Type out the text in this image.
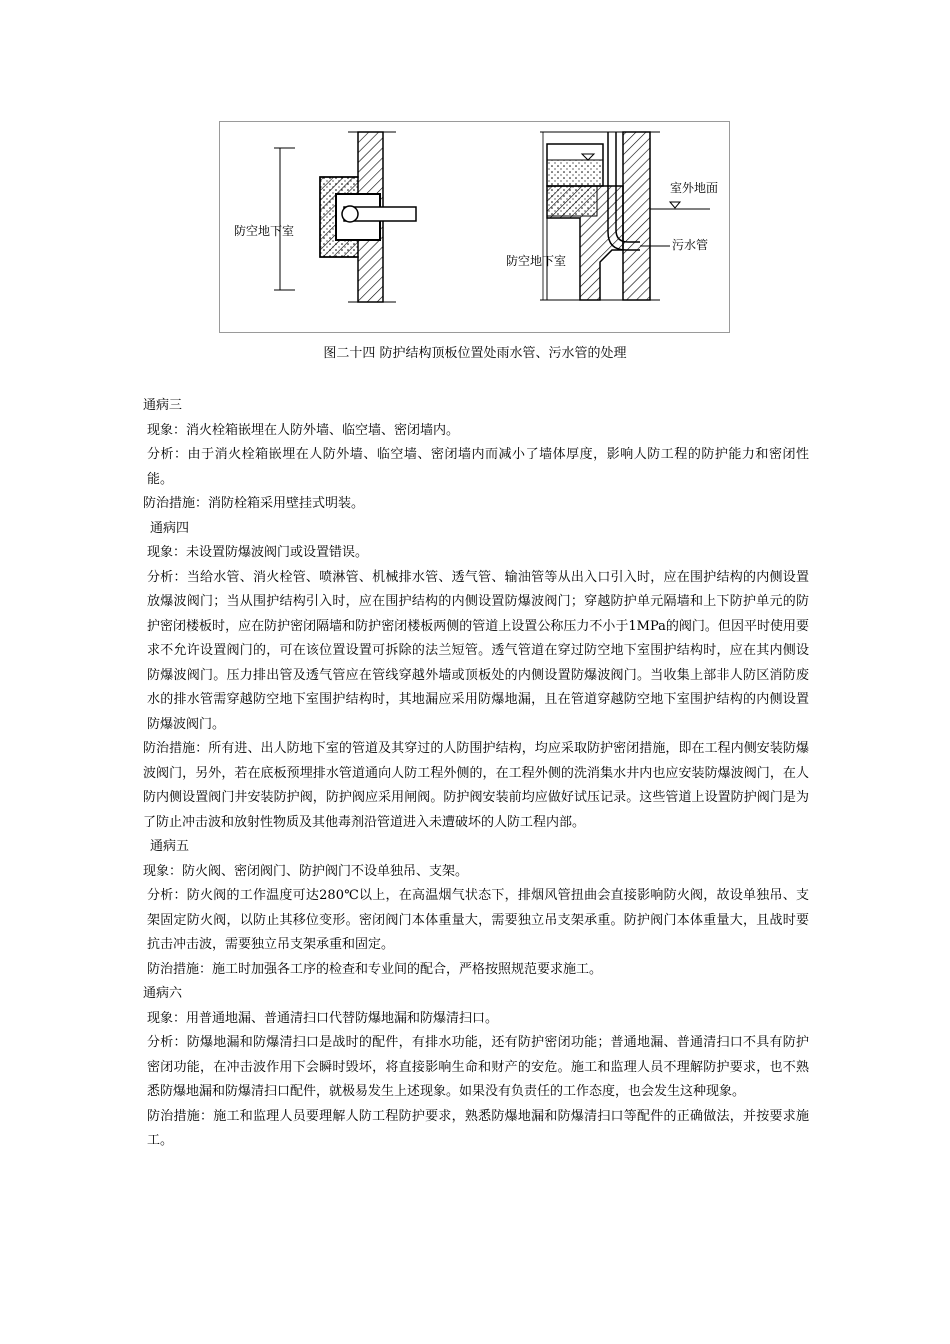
防空地下室
室外地面
污水管
防空地下室
图二十四 防护结构顶板位置处雨水管、污水管的处理

通病三

现象：消火栓箱嵌埋在人防外墙、临空墙、密闭墙内。

分析：由于消火栓箱嵌埋在人防外墙、临空墙、密闭墙内而减小了墙体厚度，影响人防工程的防护能力和密闭性能。

防治措施：消防栓箱采用壁挂式明装。

通病四

现象：未设置防爆波阀门或设置错误。

分析：当给水管、消火栓管、喷淋管、机械排水管、透气管、输油管等从出入口引入时，应在围护结构的内侧设置放爆波阀门；当从围护结构引入时，应在围护结构的内侧设置防爆波阀门；穿越防护单元隔墙和上下防护单元的防护密闭楼板时，应在防护密闭隔墙和防护密闭楼板两侧的管道上设置公称压力不小于1MPa的阀门。但因平时使用要求不允许设置阀门的，可在该位置设置可拆除的法兰短管。透气管道在穿过防空地下室围护结构时，应在其内侧设防爆波阀门。压力排出管及透气管应在管线穿越外墙或顶板处的内侧设置防爆波阀门。当收集上部非人防区消防废水的排水管需穿越防空地下室围护结构时，其地漏应采用防爆地漏，且在管道穿越防空地下室围护结构的内侧设置防爆波阀门。

防治措施：所有进、出人防地下室的管道及其穿过的人防围护结构，均应采取防护密闭措施，即在工程内侧安装防爆波阀门，另外，若在底板预埋排水管道通向人防工程外侧的，在工程外侧的洗消集水井内也应安装防爆波阀门，在人防内侧设置阀门井安装防护阀，防护阀应采用闸阀。防护阀安装前均应做好试压记录。这些管道上设置防护阀门是为了防止冲击波和放射性物质及其他毒剂沿管道进入未遭破坏的人防工程内部。

通病五

现象：防火阀、密闭阀门、防护阀门不设单独吊、支架。

分析：防火阀的工作温度可达280℃以上，在高温烟气状态下，排烟风管扭曲会直接影响防火阀，故设单独吊、支架固定防火阀，以防止其移位变形。密闭阀门本体重量大，需要独立吊支架承重。防护阀门本体重量大，且战时要抗击冲击波，需要独立吊支架承重和固定。

防治措施：施工时加强各工序的检查和专业间的配合，严格按照规范要求施工。

通病六

现象：用普通地漏、普通清扫口代替防爆地漏和防爆清扫口。

分析：防爆地漏和防爆清扫口是战时的配件，有排水功能，还有防护密闭功能；普通地漏、普通清扫口不具有防护密闭功能，在冲击波作用下会瞬时毁坏，将直接影响生命和财产的安危。施工和监理人员不理解防护要求，也不熟悉防爆地漏和防爆清扫口配件，就极易发生上述现象。如果没有负责任的工作态度，也会发生这种现象。

防治措施：施工和监理人员要理解人防工程防护要求，熟悉防爆地漏和防爆清扫口等配件的正确做法，并按要求施工。
